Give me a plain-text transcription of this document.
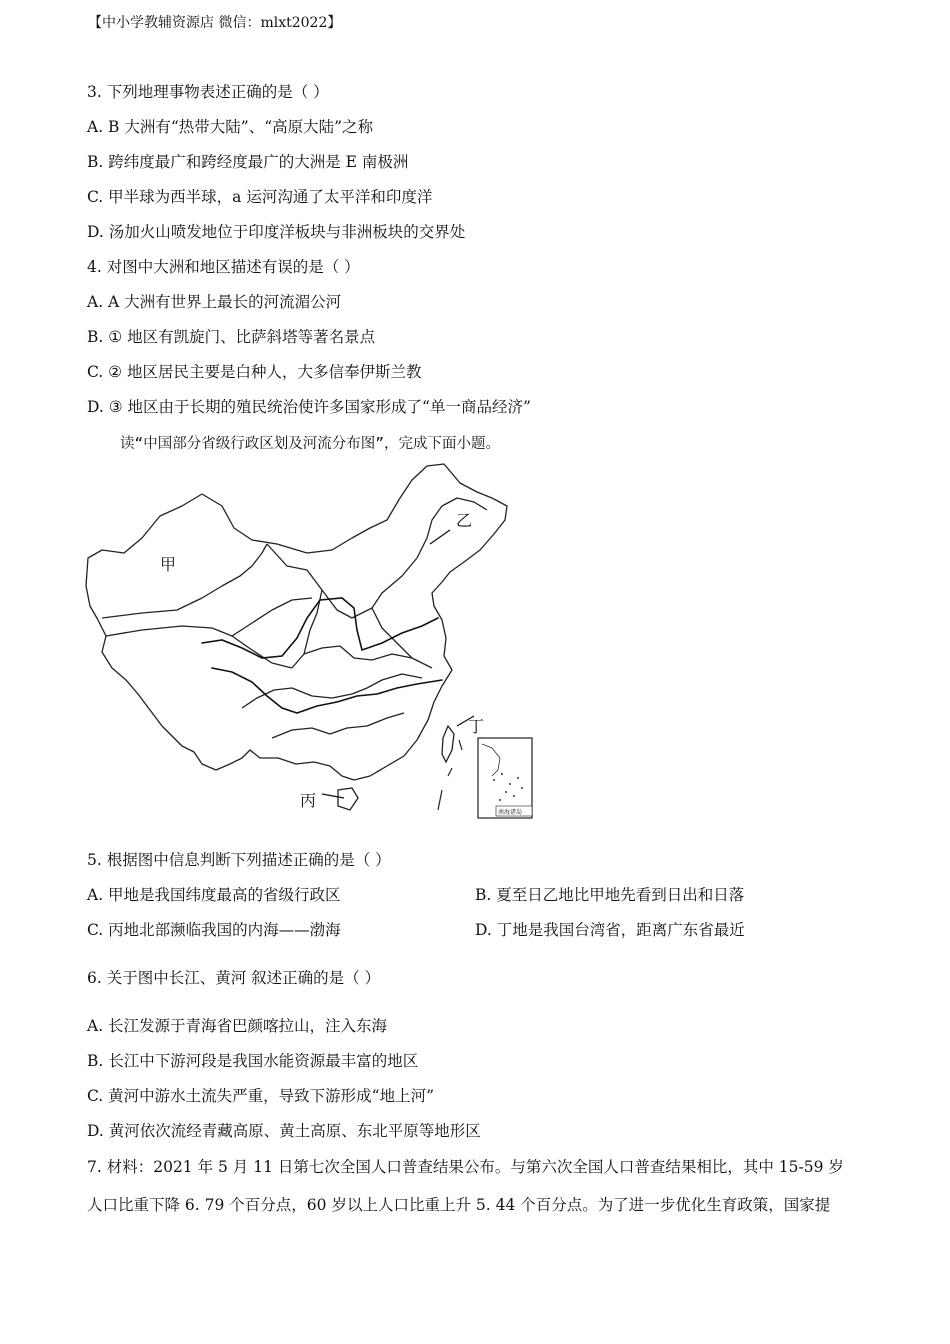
【中小学教辅资源店 微信：mlxt2022】
3. 下列地理事物表述正确的是（ ）
A. B 大洲有“热带大陆”、“高原大陆”之称
B. 跨纬度最广和跨经度最广的大洲是 E 南极洲
C. 甲半球为西半球，a 运河沟通了太平洋和印度洋
D. 汤加火山喷发地位于印度洋板块与非洲板块的交界处
4. 对图中大洲和地区描述有误的是（ ）
A. A 大洲有世界上最长的河流湄公河
B. ① 地区有凯旋门、比萨斜塔等著名景点
C. ② 地区居民主要是白种人，大多信奉伊斯兰教
D. ③ 地区由于长期的殖民统治使许多国家形成了“单一商品经济”
读“中国部分省级行政区划及河流分布图”，完成下面小题。
南海诸岛
甲
乙
丙
丁
5. 根据图中信息判断下列描述正确的是（ ）
A. 甲地是我国纬度最高的省级行政区	B. 夏至日乙地比甲地先看到日出和日落
C. 丙地北部濒临我国的内海——渤海	D. 丁地是我国台湾省，距离广东省最近
6. 关于图中长江、黄河 叙述正确的是（ ）
A. 长江发源于青海省巴颜喀拉山，注入东海
B. 长江中下游河段是我国水能资源最丰富的地区
C. 黄河中游水土流失严重，导致下游形成“地上河”
D. 黄河依次流经青藏高原、黄土高原、东北平原等地形区
7. 材料：2021 年 5 月 11 日第七次全国人口普查结果公布。与第六次全国人口普查结果相比，其中 15-59 岁
人口比重下降 6. 79 个百分点，60 岁以上人口比重上升 5. 44 个百分点。为了进一步优化生育政策，国家提
